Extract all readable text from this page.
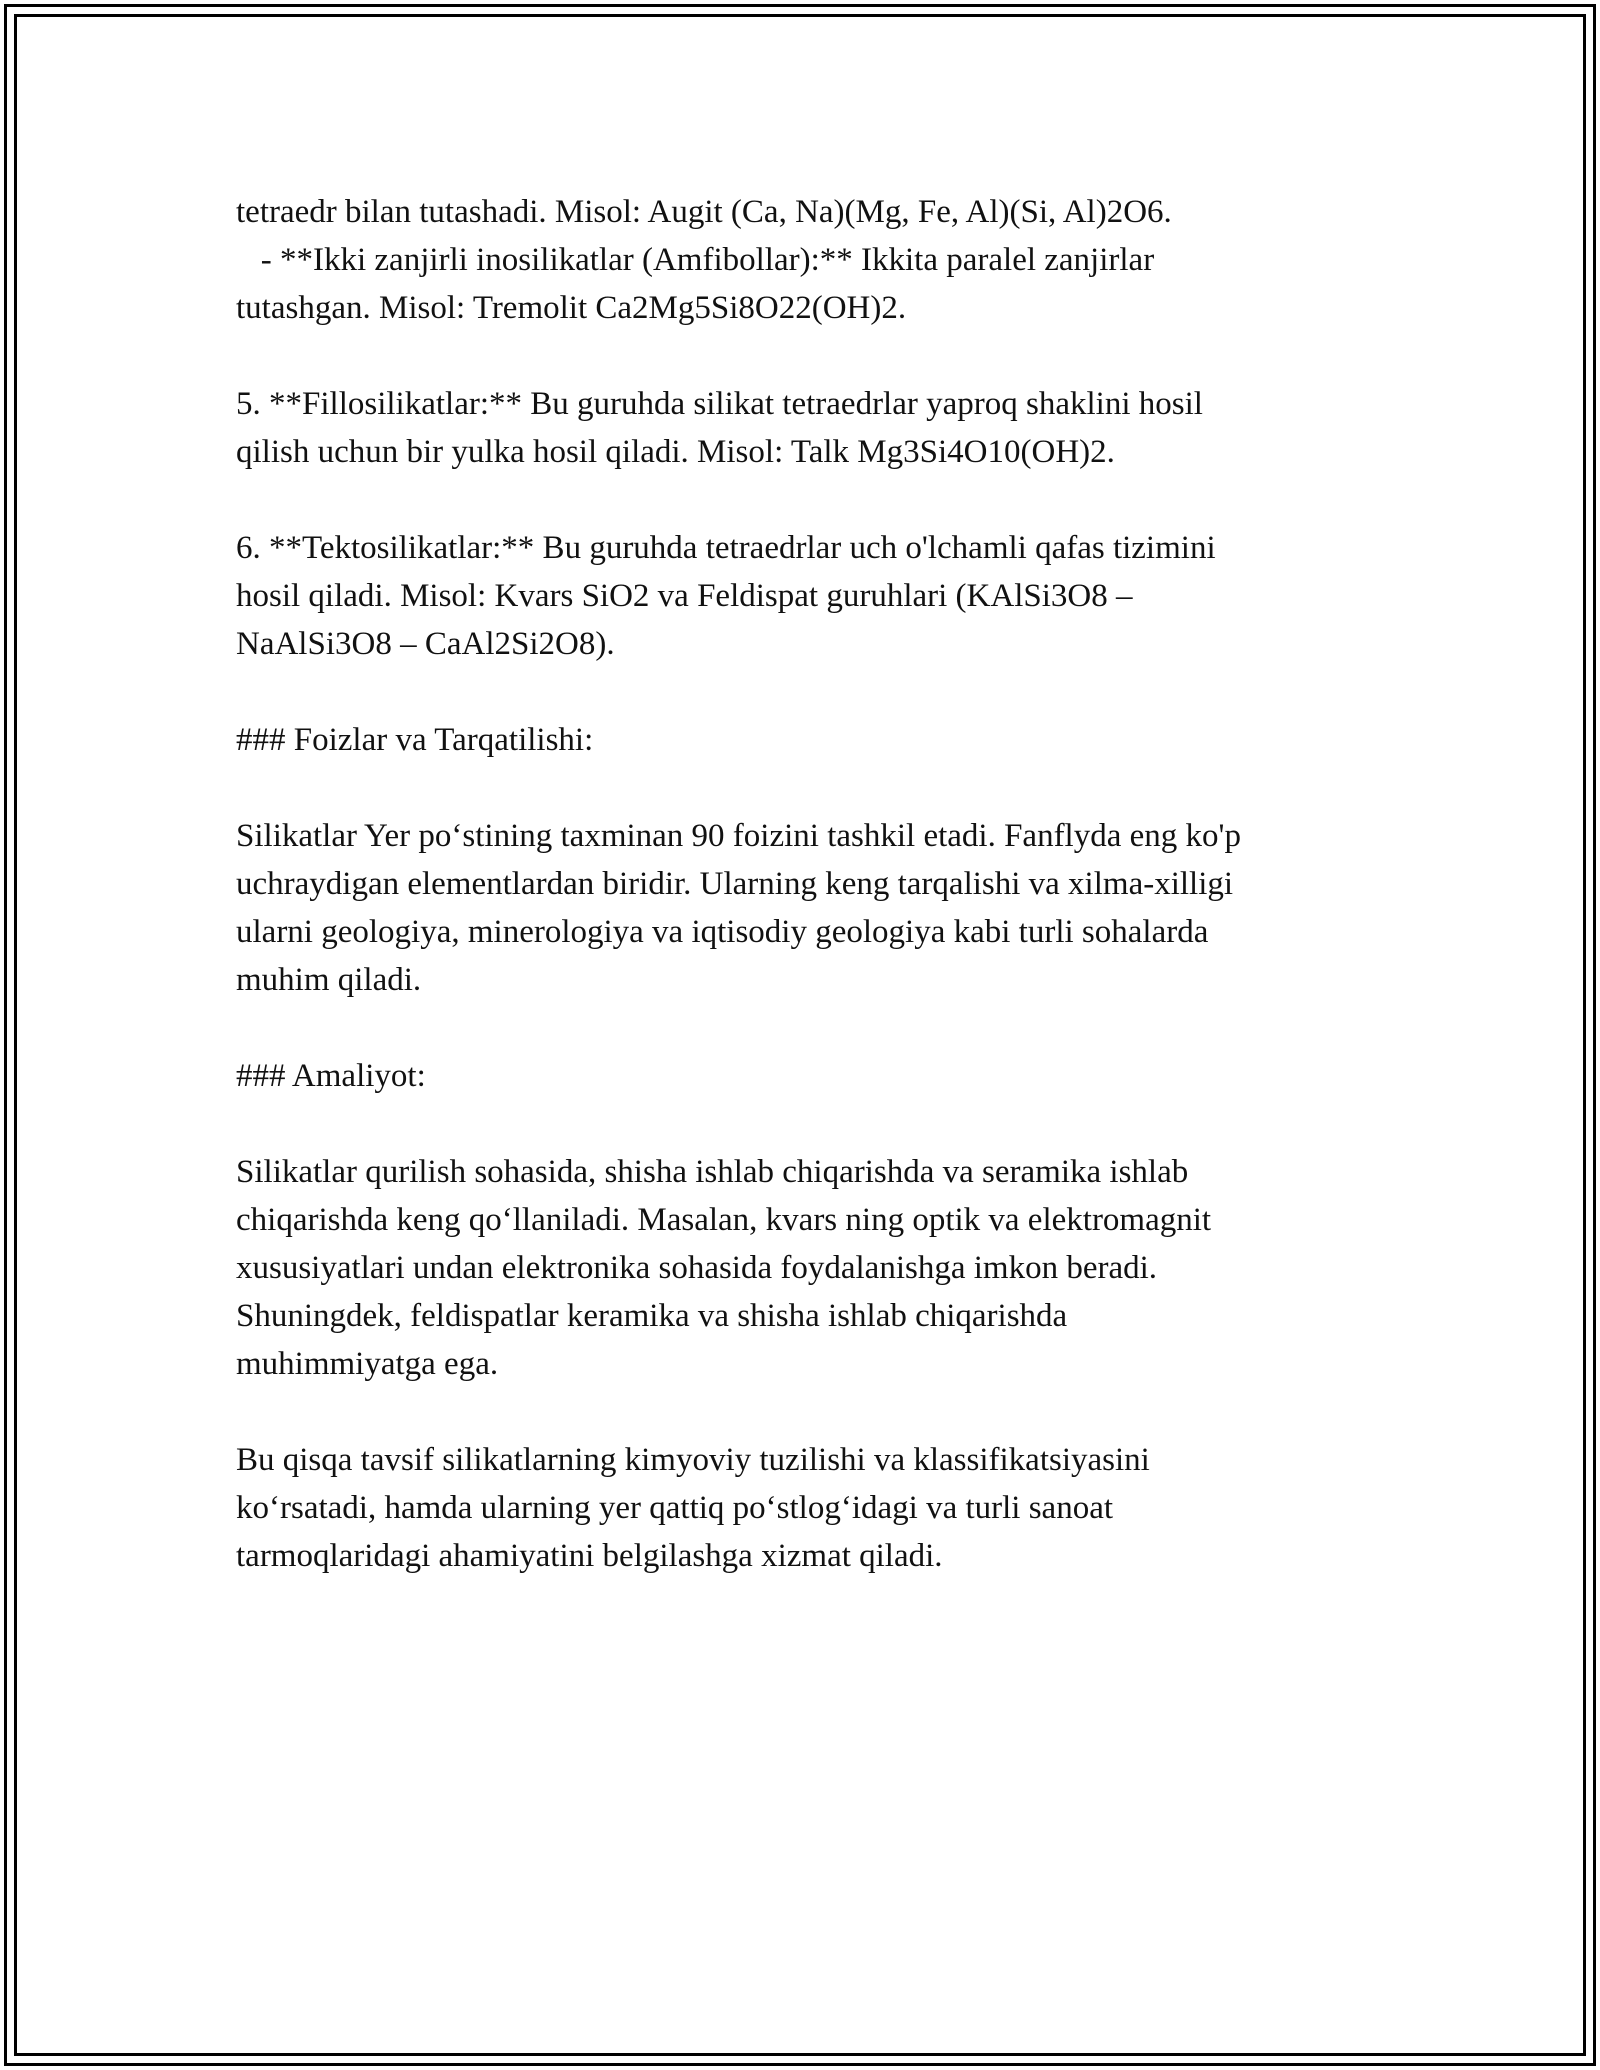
tetraedr bilan tutashadi. Misol: Augit (Ca, Na)(Mg, Fe, Al)(Si, Al)2O6.
- **Ikki zanjirli inosilikatlar (Amfibollar):** Ikkita paralel zanjirlar
tutashgan. Misol: Tremolit Ca2Mg5Si8O22(OH)2.
5. **Fillosilikatlar:** Bu guruhda silikat tetraedrlar yaproq shaklini hosil
qilish uchun bir yulka hosil qiladi. Misol: Talk Mg3Si4O10(OH)2.
6. **Tektosilikatlar:** Bu guruhda tetraedrlar uch o'lchamli qafas tizimini
hosil qiladi. Misol: Kvars SiO2 va Feldispat guruhlari (KAlSi3O8 –
NaAlSi3O8 – CaAl2Si2O8).
### Foizlar va Tarqatilishi:
Silikatlar Yer po‘stining taxminan 90 foizini tashkil etadi. Fanflyda eng ko'p
uchraydigan elementlardan biridir. Ularning keng tarqalishi va xilma-xilligi
ularni geologiya, minerologiya va iqtisodiy geologiya kabi turli sohalarda
muhim qiladi.
### Amaliyot:
Silikatlar qurilish sohasida, shisha ishlab chiqarishda va seramika ishlab
chiqarishda keng qo‘llaniladi. Masalan, kvars ning optik va elektromagnit
xususiyatlari undan elektronika sohasida foydalanishga imkon beradi.
Shuningdek, feldispatlar keramika va shisha ishlab chiqarishda
muhimmiyatga ega.
Bu qisqa tavsif silikatlarning kimyoviy tuzilishi va klassifikatsiyasini
ko‘rsatadi, hamda ularning yer qattiq po‘stlog‘idagi va turli sanoat
tarmoqlaridagi ahamiyatini belgilashga xizmat qiladi.
